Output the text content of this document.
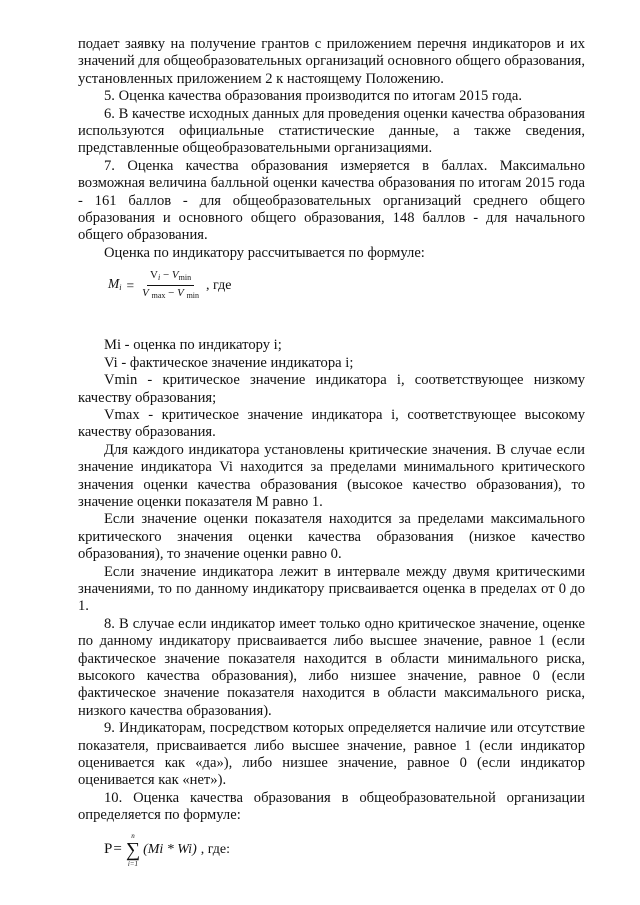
подает заявку на получение грантов с приложением перечня индикаторов и их значений для общеобразовательных организаций основного общего образования, установленных приложением 2 к настоящему Положению.

5. Оценка качества образования производится по итогам 2015 года.

6. В качестве исходных данных для проведения оценки качества образования используются официальные статистические данные, а также сведения, представленные общеобразовательными организациями.

7. Оценка качества образования измеряется в баллах. Максимально возможная величина балльной оценки качества образования по итогам 2015 года - 161 баллов - для общеобразовательных организаций среднего общего образования и основного общего образования, 148 баллов - для начального общего образования.

Оценка по индикатору рассчитывается по формуле:

$M_i = \frac{V_i - V_{min}}{V _{max} - V _{min}}$ , где

Mi - оценка по индикатору i;

Vi - фактическое значение индикатора i;

Vmin - критическое значение индикатора i, соответствующее низкому качеству образования;

Vmax - критическое значение индикатора i, соответствующее высокому качеству образования.

Для каждого индикатора установлены критические значения. В случае если значение индикатора Vi находится за пределами минимального критического значения оценки качества образования (высокое качество образования), то значение оценки показателя M равно 1.

Если значение оценки показателя находится за пределами максимального критического значения оценки качества образования (низкое качество образования), то значение оценки равно 0.

Если значение индикатора лежит в интервале между двумя критическими значениями, то по данному индикатору присваивается оценка в пределах от 0 до 1.

8. В случае если индикатор имеет только одно критическое значение, оценке по данному индикатору присваивается либо высшее значение, равное 1 (если фактическое значение показателя находится в области минимального риска, высокого качества образования), либо низшее значение, равное 0 (если фактическое значение показателя находится в области максимального риска, низкого качества образования).

9. Индикаторам, посредством которых определяется наличие или отсутствие показателя, присваивается либо высшее значение, равное 1 (если индикатор оценивается как «да»), либо низшее значение, равное 0 (если индикатор оценивается как «нет»).

10. Оценка качества образования в общеобразовательной организации определяется по формуле:

P =
n
∑
i=1
(Mi * Wi) , где:
